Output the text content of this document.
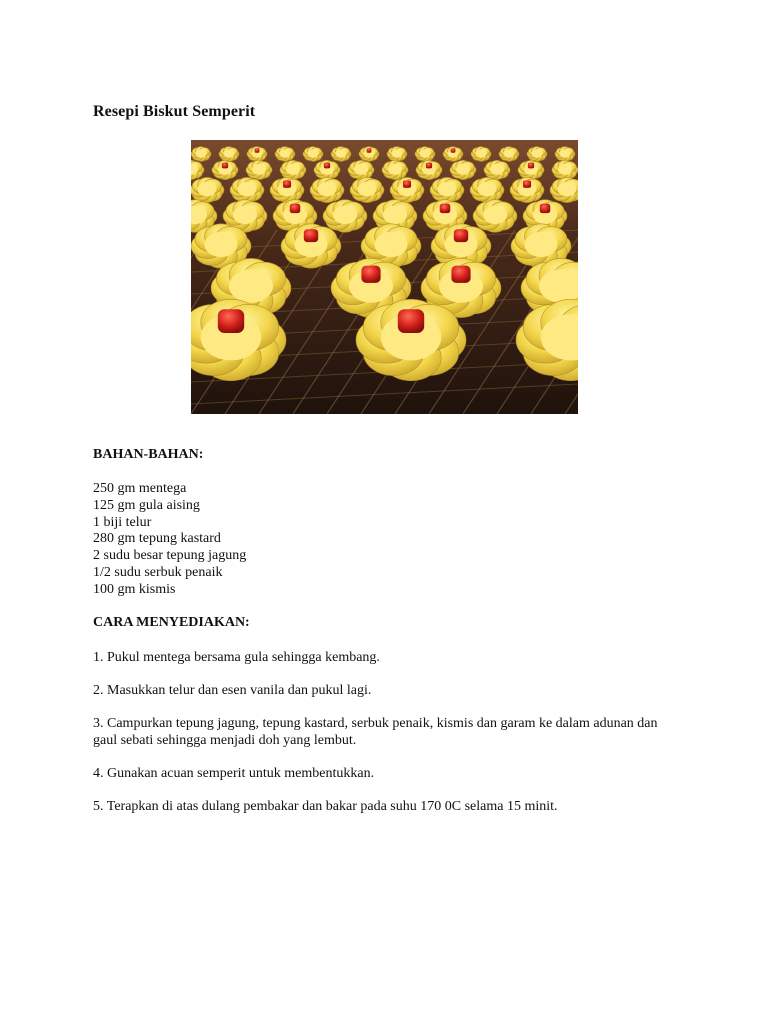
Resepi Biskut Semperit
BAHAN-BAHAN:
250 gm mentega
125 gm gula aising
1 biji telur
280 gm tepung kastard
2 sudu besar tepung jagung
1/2 sudu serbuk penaik
100 gm kismis
CARA MENYEDIAKAN:
1. Pukul mentega bersama gula sehingga kembang.
2. Masukkan telur dan esen vanila dan pukul lagi.
3. Campurkan tepung jagung, tepung kastard, serbuk penaik, kismis dan garam ke dalam adunan dan gaul sebati sehingga menjadi doh yang lembut.
4. Gunakan acuan semperit untuk membentukkan.
5. Terapkan di atas dulang pembakar dan bakar pada suhu 170 0C selama 15 minit.
